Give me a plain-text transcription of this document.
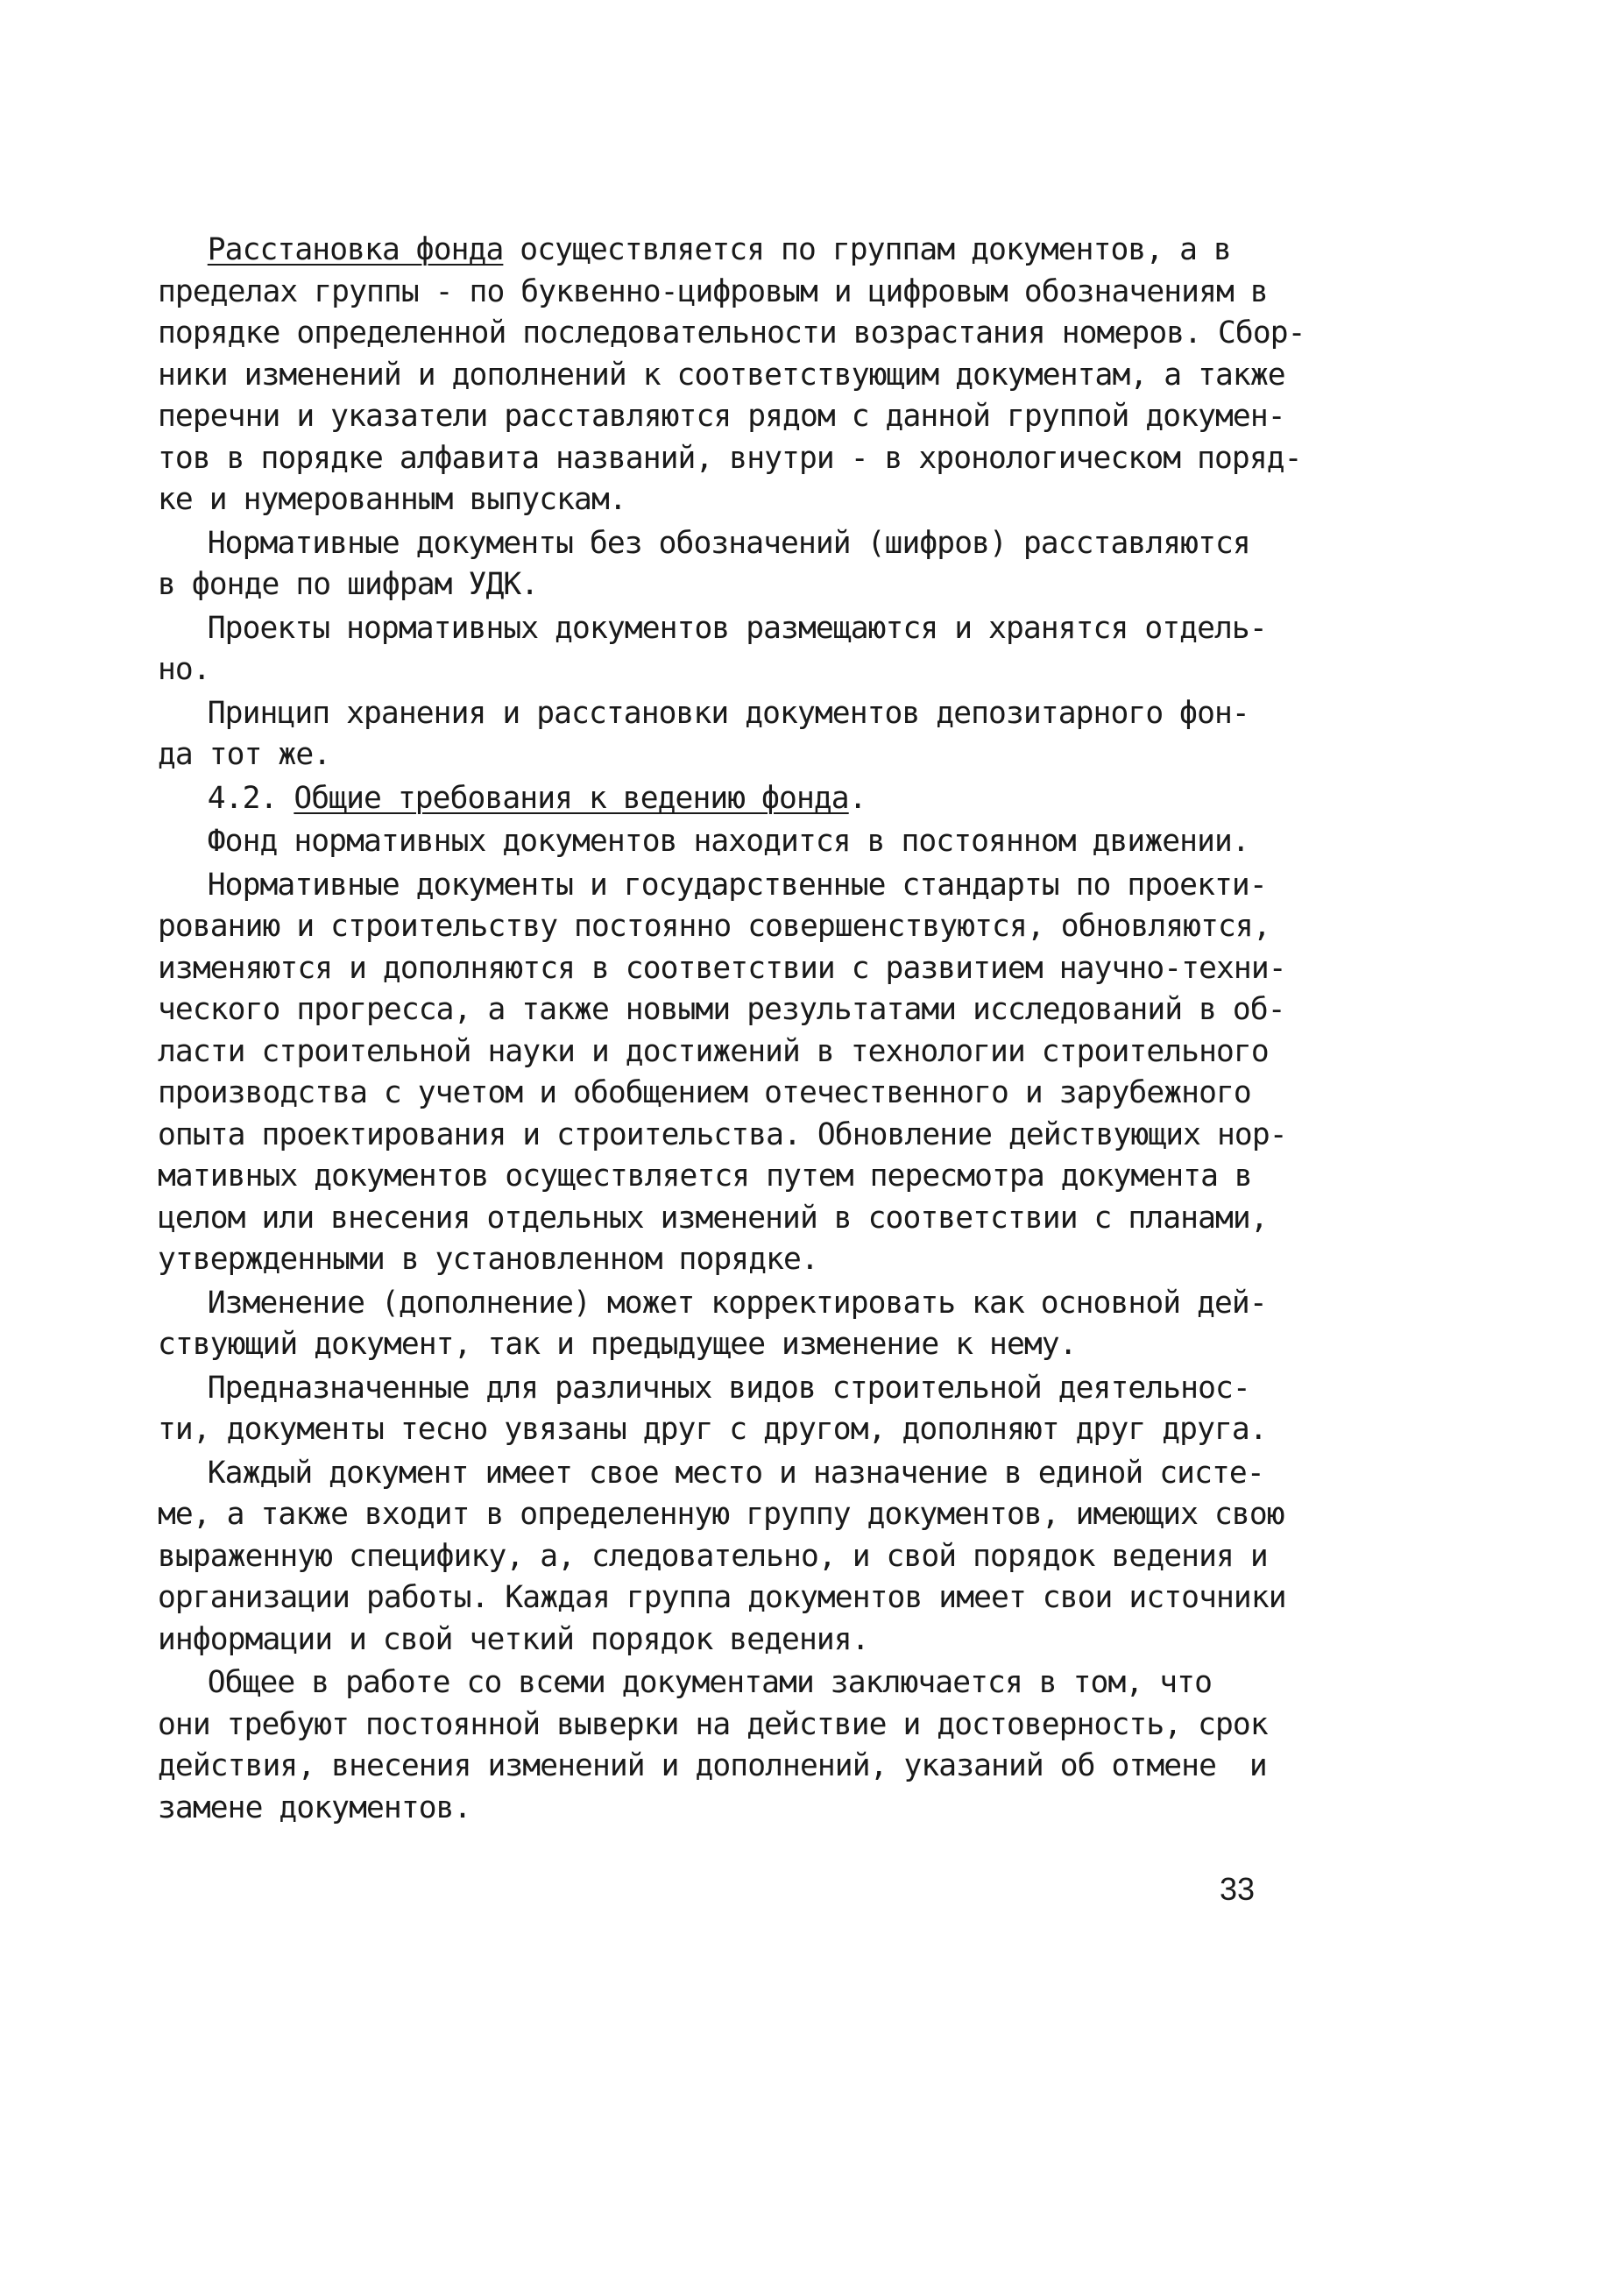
Расстановка фонда осуществляется по группам документов, а в
пределах группы - по буквенно-цифровым и цифровым обозначениям в
порядке определенной последовательности возрастания номеров. Сбор-
ники изменений и дополнений к соответствующим документам, а также
перечни и указатели расставляются рядом с данной группой докумен-
тов в порядке алфавита названий, внутри - в хронологическом поряд-
ке и нумерованным выпускам.
Нормативные документы без обозначений (шифров) расставляются
в фонде по шифрам УДК.
Проекты нормативных документов размещаются и хранятся отдель-
но.
Принцип хранения и расстановки документов депозитарного фон-
да тот же.
4.2. Общие требования к ведению фонда.
Фонд нормативных документов находится в постоянном движении.
Нормативные документы и государственные стандарты по проекти-
рованию и строительству постоянно совершенствуются, обновляются,
изменяются и дополняются в соответствии с развитием научно-техни-
ческого прогресса, а также новыми результатами исследований в об-
ласти строительной науки и достижений в технологии строительного
производства с учетом и обобщением отечественного и зарубежного
опыта проектирования и строительства. Обновление действующих нор-
мативных документов осуществляется путем пересмотра документа в
целом или внесения отдельных изменений в соответствии с планами,
утвержденными в установленном порядке.
Изменение (дополнение) может корректировать как основной дей-
ствующий документ, так и предыдущее изменение к нему.
Предназначенные для различных видов строительной деятельнос-
ти, документы тесно увязаны друг с другом, дополняют друг друга.
Каждый документ имеет свое место и назначение в единой систе-
ме, а также входит в определенную группу документов, имеющих свою
выраженную специфику, а, следовательно, и свой порядок ведения и
организации работы. Каждая группа документов имеет свои источники
информации и свой четкий порядок ведения.
Общее в работе со всеми документами заключается в том, что
они требуют постоянной выверки на действие и достоверность, срок
действия, внесения изменений и дополнений, указаний об отмене  и
замене документов.
33
